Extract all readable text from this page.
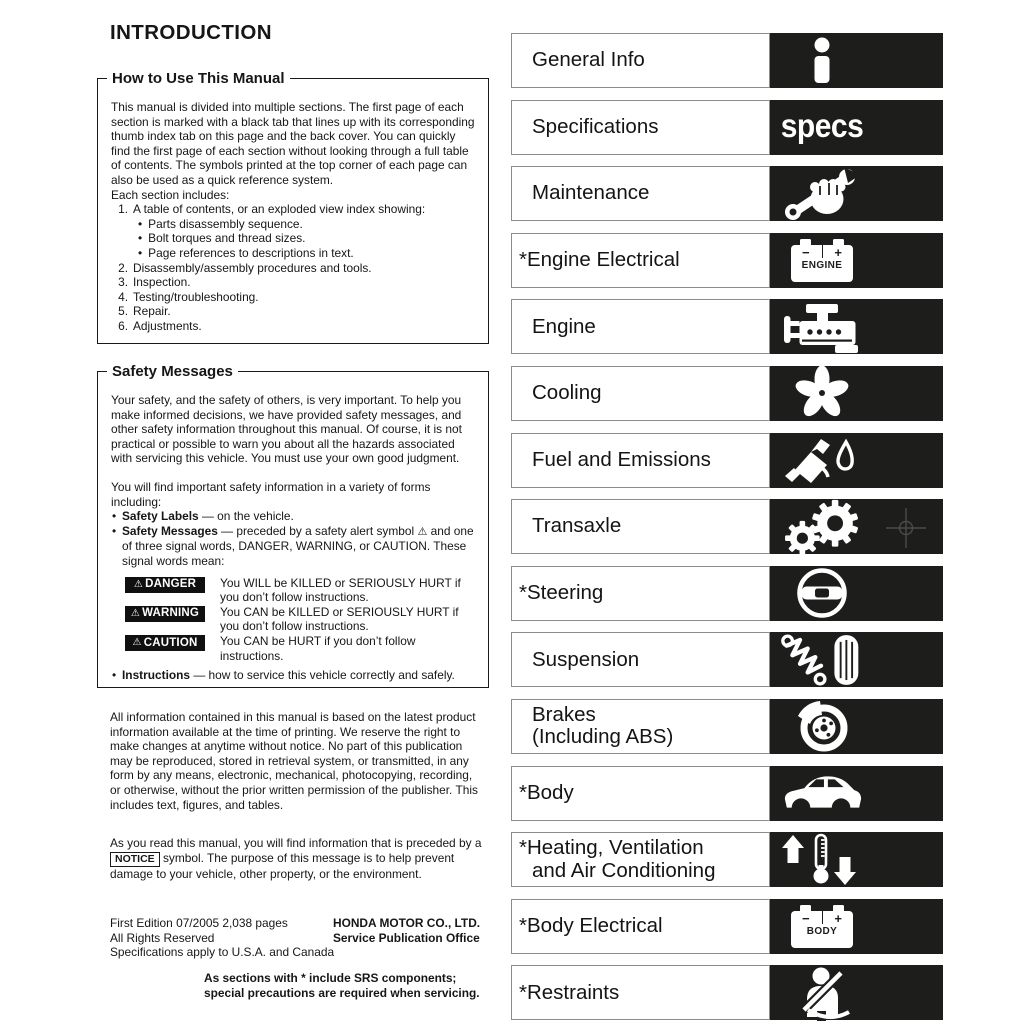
INTRODUCTION
How to Use This Manual
This manual is divided into multiple sections. The first page of each section is marked with a black tab that lines up with its corresponding thumb index tab on this page and the back cover. You can quickly find the first page of each section without looking through a full table of contents. The symbols printed at the top corner of each page can also be used as a quick reference system.
Each section includes:
1. A table of contents, or an exploded view index showing:
• Parts disassembly sequence.
• Bolt torques and thread sizes.
• Page references to descriptions in text.
2. Disassembly/assembly procedures and tools.
3. Inspection.
4. Testing/troubleshooting.
5. Repair.
6. Adjustments.
Safety Messages
Your safety, and the safety of others, is very important. To help you make informed decisions, we have provided safety messages, and other safety information throughout this manual. Of course, it is not practical or possible to warn you about all the hazards associated with servicing this vehicle. You must use your own good judgment.
You will find important safety information in a variety of forms including:
• Safety Labels — on the vehicle.
• Safety Messages — preceded by a safety alert symbol ⚠ and one of three signal words, DANGER, WARNING, or CAUTION. These signal words mean:
⚠ DANGER You WILL be KILLED or SERIOUSLY HURT if you don’t follow instructions.
⚠ WARNING You CAN be KILLED or SERIOUSLY HURT if you don’t follow instructions.
⚠ CAUTION You CAN be HURT if you don’t follow instructions.
• Instructions — how to service this vehicle correctly and safely.
All information contained in this manual is based on the latest product information available at the time of printing. We reserve the right to make changes at anytime without notice. No part of this publication may be reproduced, stored in retrieval system, or transmitted, in any form by any means, electronic, mechanical, photocopying, recording, or otherwise, without the prior written permission of the publisher. This includes text, figures, and tables.
As you read this manual, you will find information that is preceded by a NOTICE symbol. The purpose of this message is to help prevent damage to your vehicle, other property, or the environment.
First Edition 07/2005 2,038 pages
All Rights Reserved
Specifications apply to U.S.A. and Canada
HONDA MOTOR CO., LTD.
Service Publication Office
As sections with * include SRS components;
special precautions are required when servicing.
General Info
Specifications	specs
Maintenance
*Engine Electrical	− +
ENGINE
Engine
Cooling
Fuel and Emissions
Transaxle
*Steering
Suspension
Brakes
(Including ABS)
*Body
*Heating, Ventilation
and Air Conditioning
*Body Electrical	− +
BODY
*Restraints
